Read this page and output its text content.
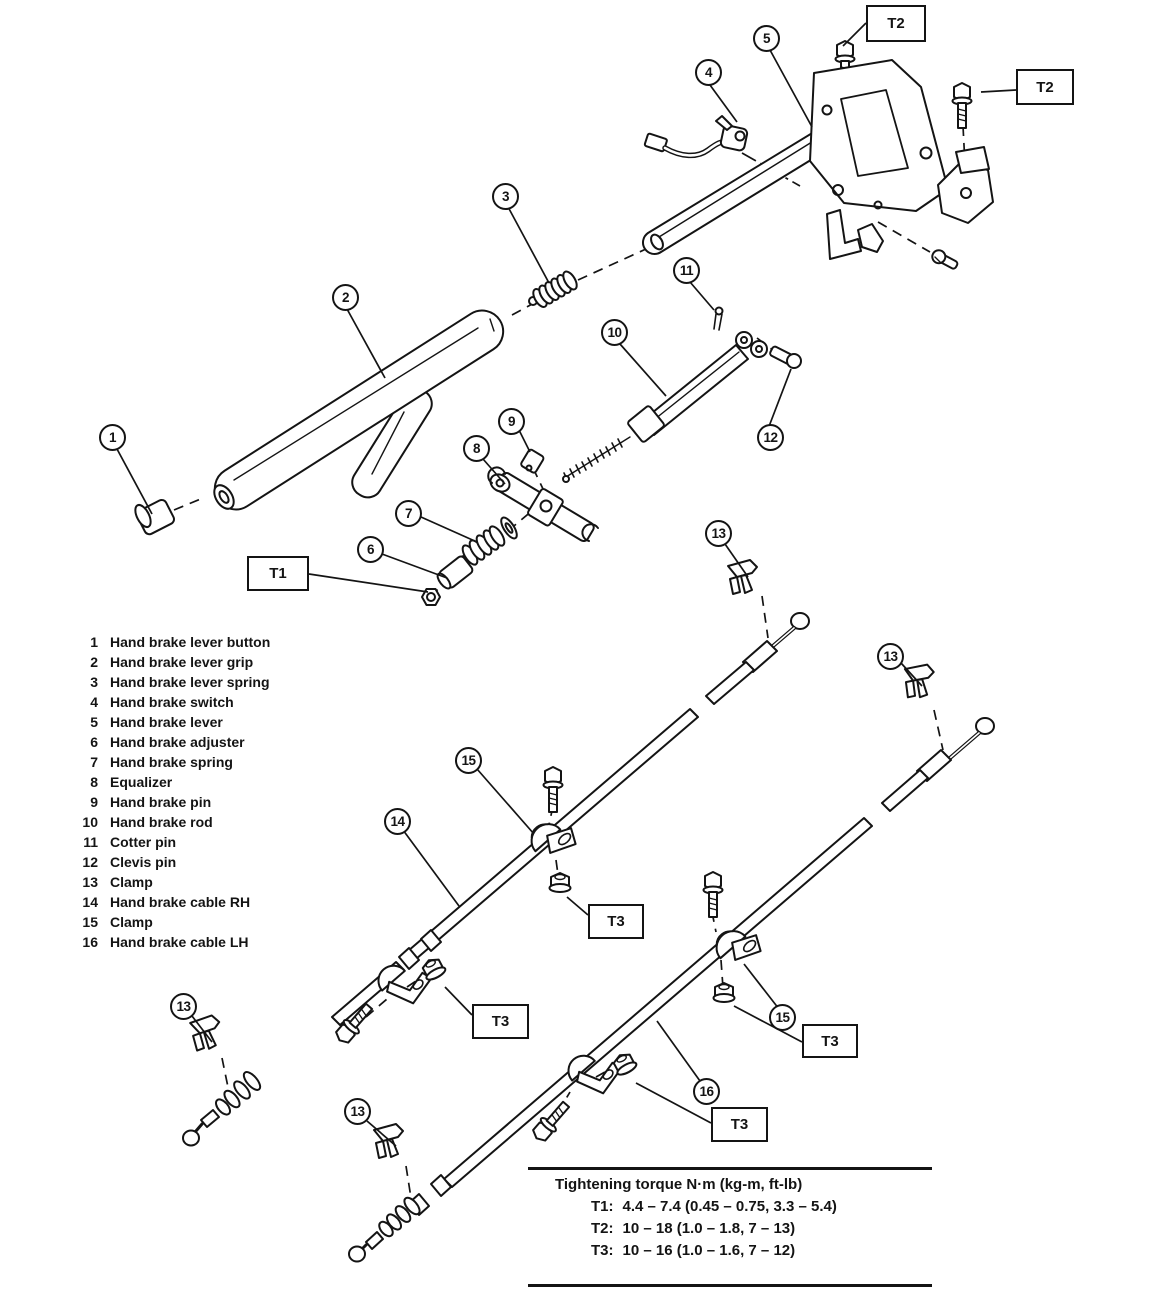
1
2
3
4
5
6
7
8
9
10
11
12
13
13
13
13
14
15
15
16
T2
T2
T1
T3
T3
T3
T3
1 Hand brake lever button
2 Hand brake lever grip
3 Hand brake lever spring
4 Hand brake switch
5 Hand brake lever
6 Hand brake adjuster
7 Hand brake spring
8 Equalizer
9 Hand brake pin
10 Hand brake rod
11 Cotter pin
12 Clevis pin
13 Clamp
14 Hand brake cable RH
15 Clamp
16 Hand brake cable LH
Tightening torque N·m (kg-m, ft-lb)
T1: 4.4 – 7.4 (0.45 – 0.75, 3.3 – 5.4)
T2: 10 – 18 (1.0 – 1.8, 7 – 13)
T3: 10 – 16 (1.0 – 1.6, 7 – 12)
